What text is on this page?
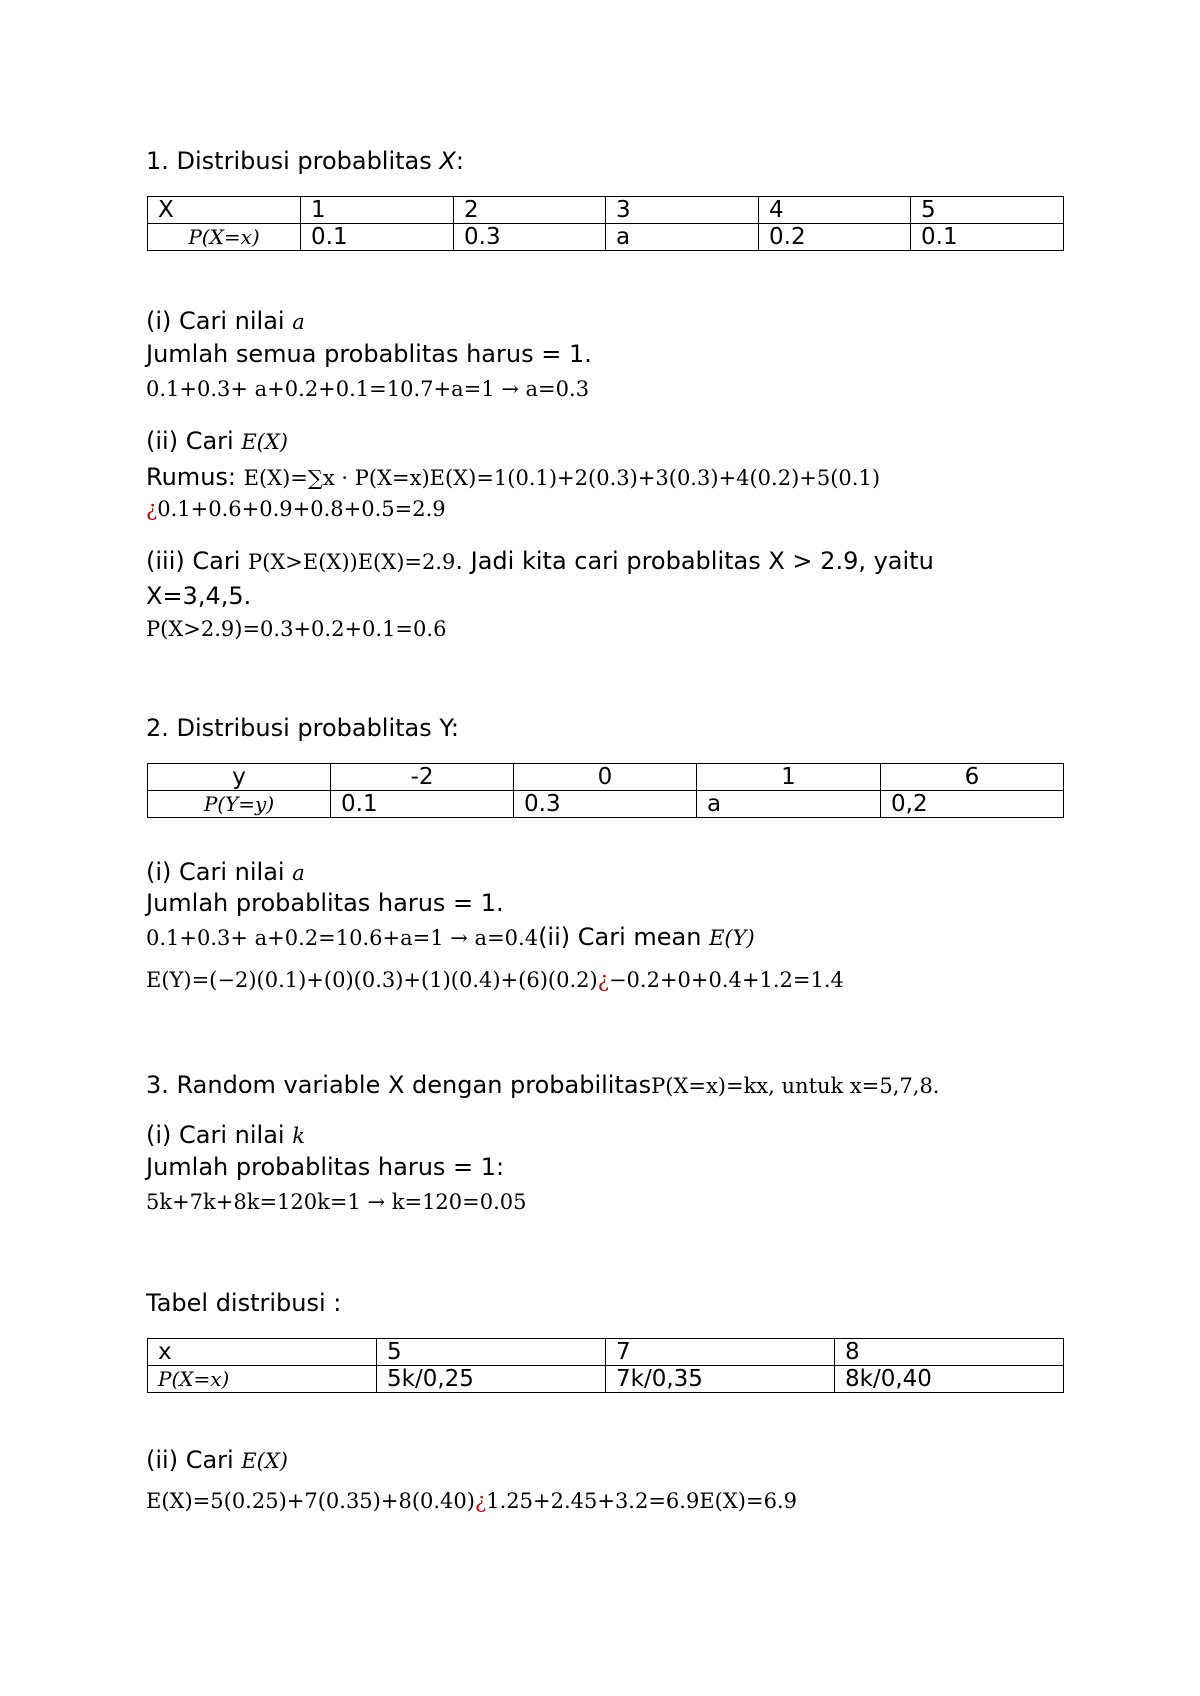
1. Distribusi probablitas X:
X	1	2	3	4	5
P(X=x)	0.1	0.3	a	0.2	0.1
(i) Cari nilai a
Jumlah semua probablitas harus = 1.
0.1+0.3+ a+0.2+0.1=10.7+a=1 → a=0.3
(ii) Cari E(X)
Rumus: E(X)=∑x · P(X=x)E(X)=1(0.1)+2(0.3)+3(0.3)+4(0.2)+5(0.1)
¿0.1+0.6+0.9+0.8+0.5=2.9
(iii) Cari P(X>E(X))E(X)=2.9. Jadi kita cari probablitas X > 2.9, yaitu
X=3,4,5.
P(X>2.9)=0.3+0.2+0.1=0.6
2. Distribusi probablitas Y:
y	-2	0	1	6
P(Y=y)	0.1	0.3	a	0,2
(i) Cari nilai a
Jumlah probablitas harus = 1.
0.1+0.3+ a+0.2=10.6+a=1 → a=0.4(ii) Cari mean E(Y)
E(Y)=(−2)(0.1)+(0)(0.3)+(1)(0.4)+(6)(0.2)¿−0.2+0+0.4+1.2=1.4
3. Random variable X dengan probabilitasP(X=x)=kx, untuk x=5,7,8.
(i) Cari nilai k
Jumlah probablitas harus = 1:
5k+7k+8k=120k=1 → k=120=0.05
Tabel distribusi :
x	5	7	8
P(X=x)	5k/0,25	7k/0,35	8k/0,40
(ii) Cari E(X)
E(X)=5(0.25)+7(0.35)+8(0.40)¿1.25+2.45+3.2=6.9E(X)=6.9
